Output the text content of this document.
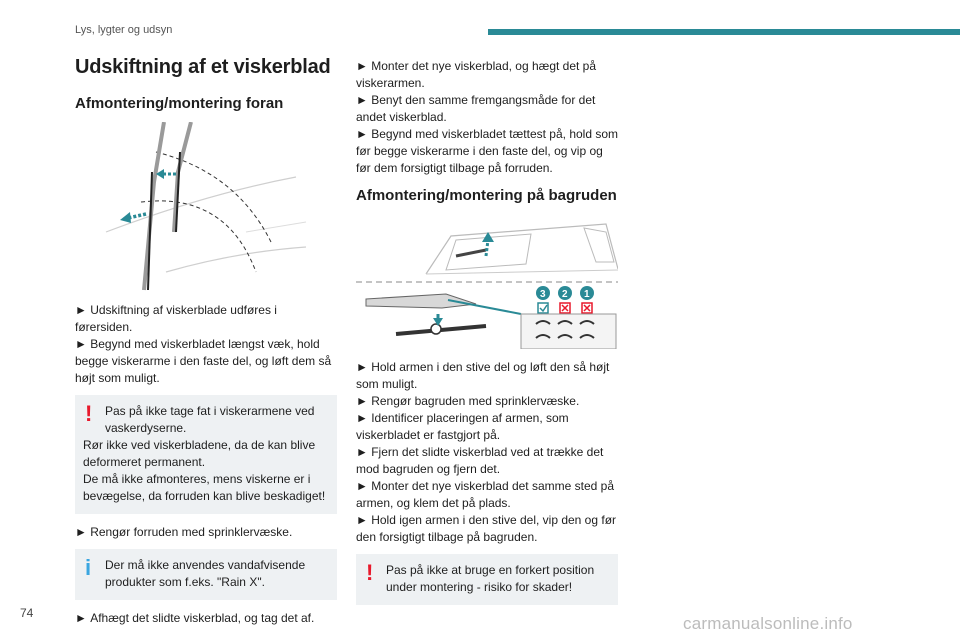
Lys, lygter og udsyn
Udskiftning af et viskerblad
Afmontering/montering foran
► Udskiftning af viskerblade udføres i førersiden.
► Begynd med viskerbladet længst væk, hold begge viskerarme i den faste del, og løft dem så højt som muligt.
! Pas på ikke tage fat i viskerarmene ved vaskerdyserne.
Rør ikke ved viskerbladene, da de kan blive deformeret permanent.
De må ikke afmonteres, mens viskerne er i bevægelse, da forruden kan blive beskadiget!
► Rengør forruden med sprinklervæske.
i	Der må ikke anvendes vandafvisende produkter som f.eks. "Rain X".
► Afhægt det slidte viskerblad, og tag det af.
► Monter det nye viskerblad, og hægt det på viskerarmen.
► Benyt den samme fremgangsmåde for det andet viskerblad.
► Begynd med viskerbladet tættest på, hold som før begge viskerarme i den faste del, og vip og før dem forsigtigt tilbage på forruden.
Afmontering/montering på bagruden
3 2 1
► Hold armen i den stive del og løft den så højt som muligt.
► Rengør bagruden med sprinklervæske.
► Identificer placeringen af armen, som viskerbladet er fastgjort på.
► Fjern det slidte viskerblad ved at trække det mod bagruden og fjern det.
► Monter det nye viskerblad det samme sted på armen, og klem det på plads.
► Hold igen armen i den stive del, vip den og før den forsigtigt tilbage på bagruden.
! Pas på ikke at bruge en forkert position under montering - risiko for skader!
74
carmanualsonline.info
